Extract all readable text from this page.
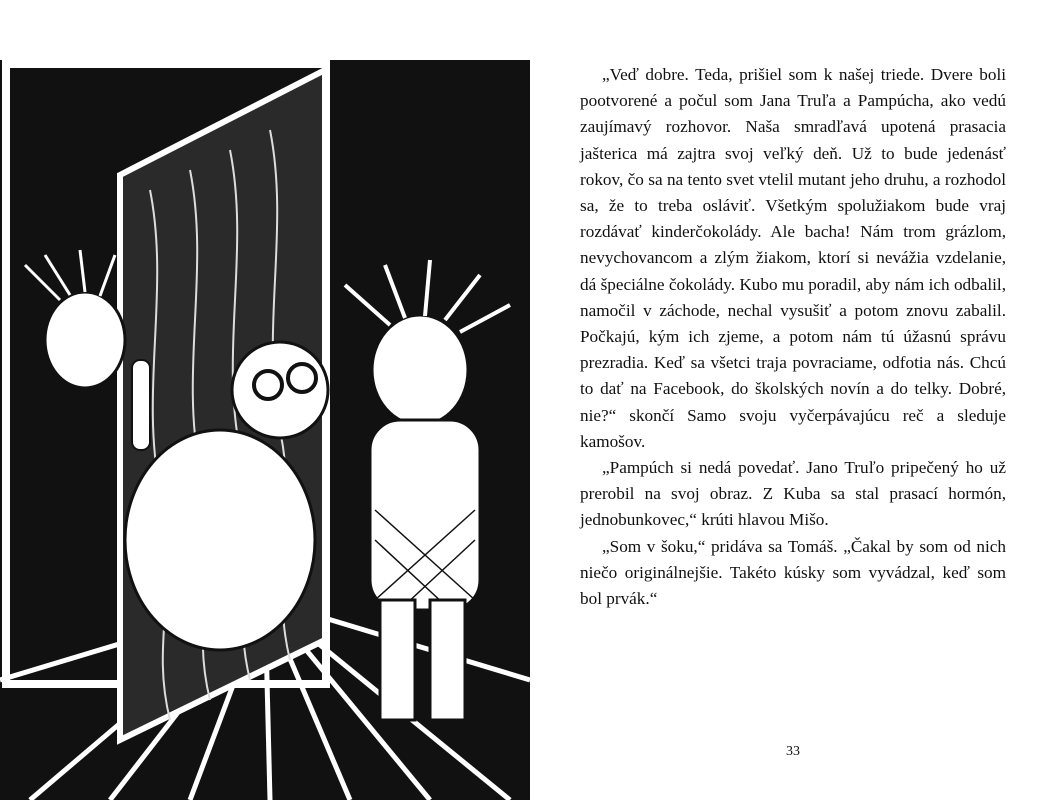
„Veď dobre. Teda, prišiel som k našej triede. Dvere boli pootvorené a počul som Jana Truľa a Pampúcha, ako vedú zaujímavý rozhovor. Naša smradľavá upotená prasacia jašterica má zajtra svoj veľký deň. Už to bude jedenásť rokov, čo sa na tento svet vtelil mutant jeho druhu, a rozhodol sa, že to treba osláviť. Všetkým spolužiakom bude vraj rozdávať kinderčokolády. Ale bacha! Nám trom grázlom, nevychovancom a zlým žiakom, ktorí si nevážia vzdelanie, dá špeciálne čokolády. Kubo mu poradil, aby nám ich odbalil, namočil v záchode, nechal vysušiť a potom znovu zabalil. Počkajú, kým ich zjeme, a potom nám tú úžasnú správu prezradia. Keď sa všetci traja povraciame, odfotia nás. Chcú to dať na Facebook, do školských novín a do telky. Dobré, nie?“ skončí Samo svoju vyčerpávajúcu reč a sleduje kamošov.

„Pampúch si nedá povedať. Jano Truľo pripečený ho už prerobil na svoj obraz. Z Kuba sa stal prasací hormón, jednobunkovec,“ krúti hlavou Mišo.

„Som v šoku,“ pridáva sa Tomáš. „Čakal by som od nich niečo originálnejšie. Takéto kúsky som vyvádzal, keď som bol prvák.“

33
